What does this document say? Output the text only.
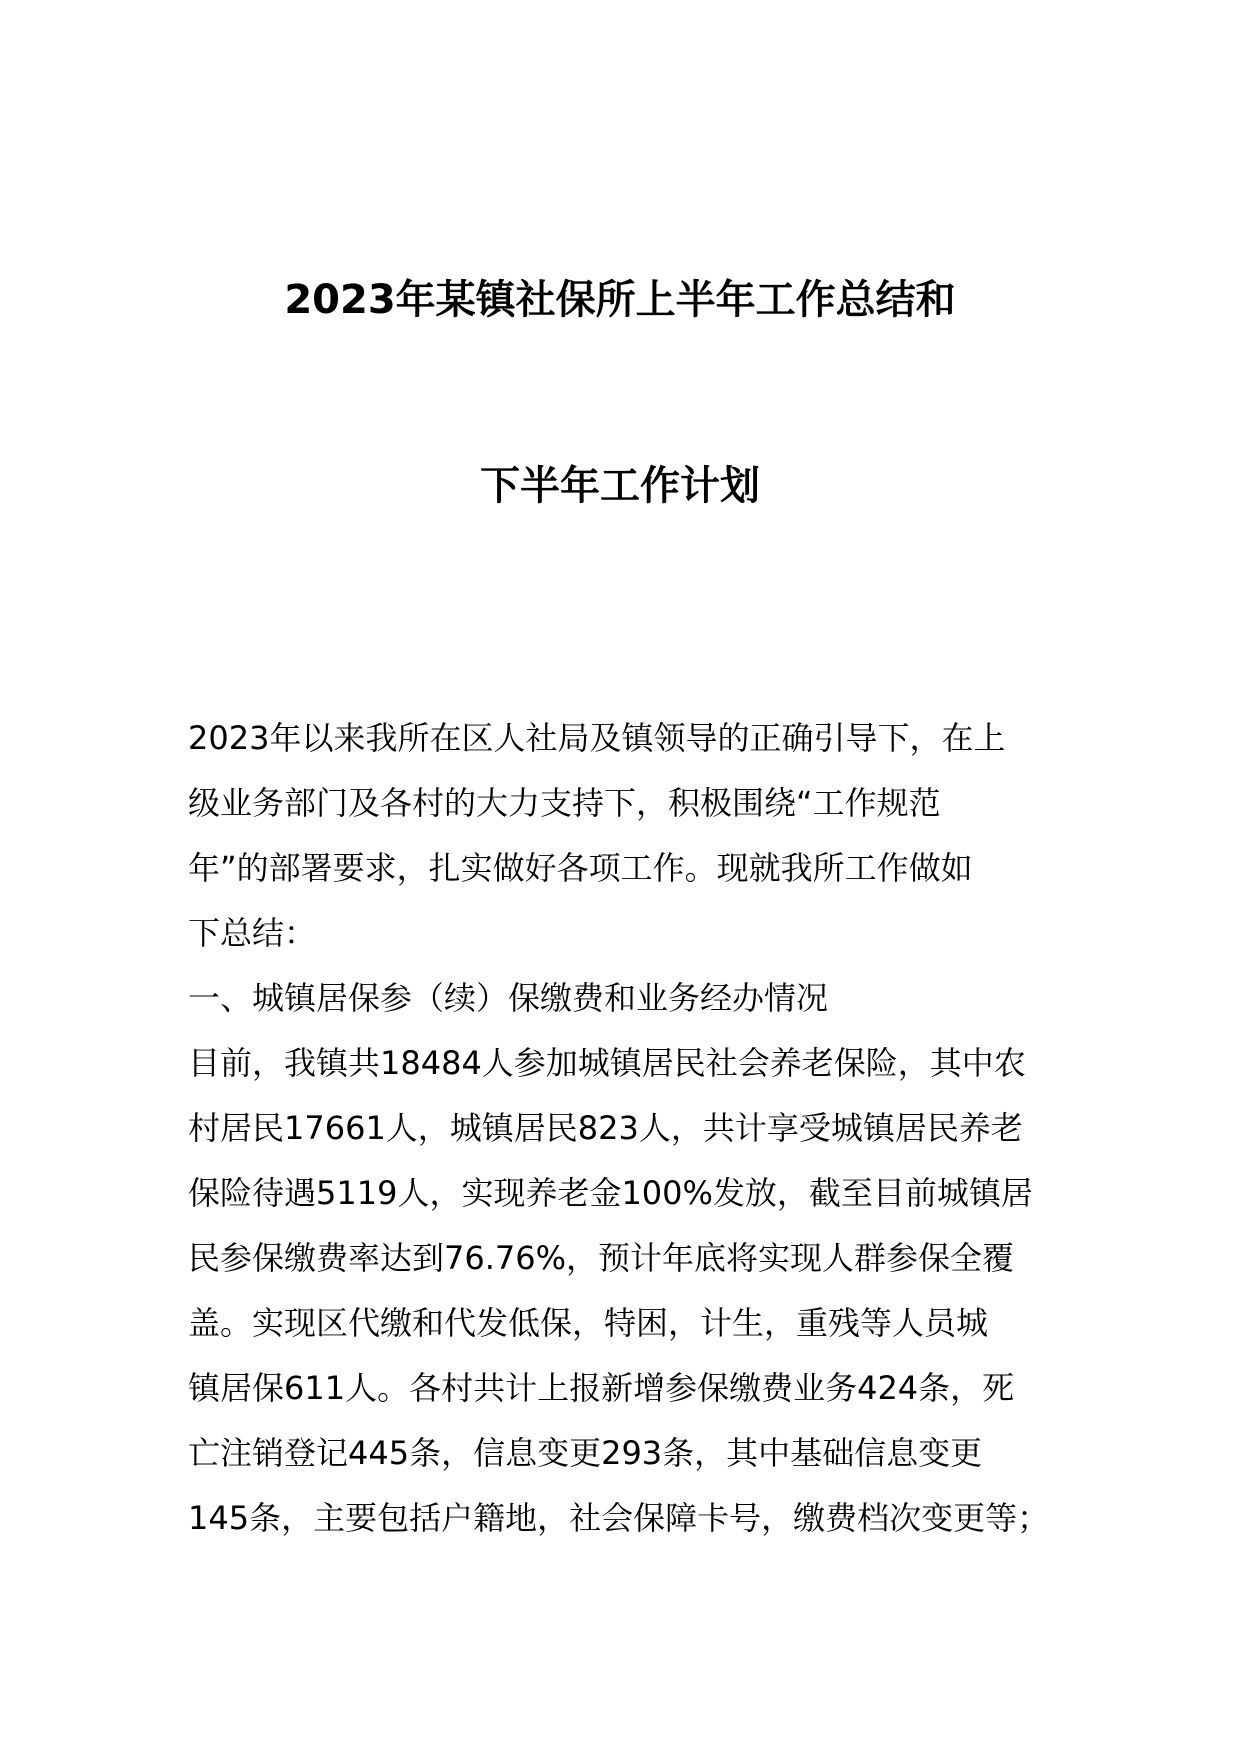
2023年某镇社保所上半年工作总结和
下半年工作计划

2023年以来我所在区人社局及镇领导的正确引导下，在上

级业务部门及各村的大力支持下，积极围绕“工作规范

年”的部署要求，扎实做好各项工作。现就我所工作做如

下总结：

一、城镇居保参（续）保缴费和业务经办情况

目前，我镇共18484人参加城镇居民社会养老保险，其中农

村居民17661人，城镇居民823人，共计享受城镇居民养老

保险待遇5119人，实现养老金100%发放，截至目前城镇居

民参保缴费率达到76.76%，预计年底将实现人群参保全覆

盖。实现区代缴和代发低保，特困，计生，重残等人员城

镇居保611人。各村共计上报新增参保缴费业务424条，死

亡注销登记445条，信息变更293条，其中基础信息变更

145条，主要包括户籍地，社会保障卡号，缴费档次变更等；
